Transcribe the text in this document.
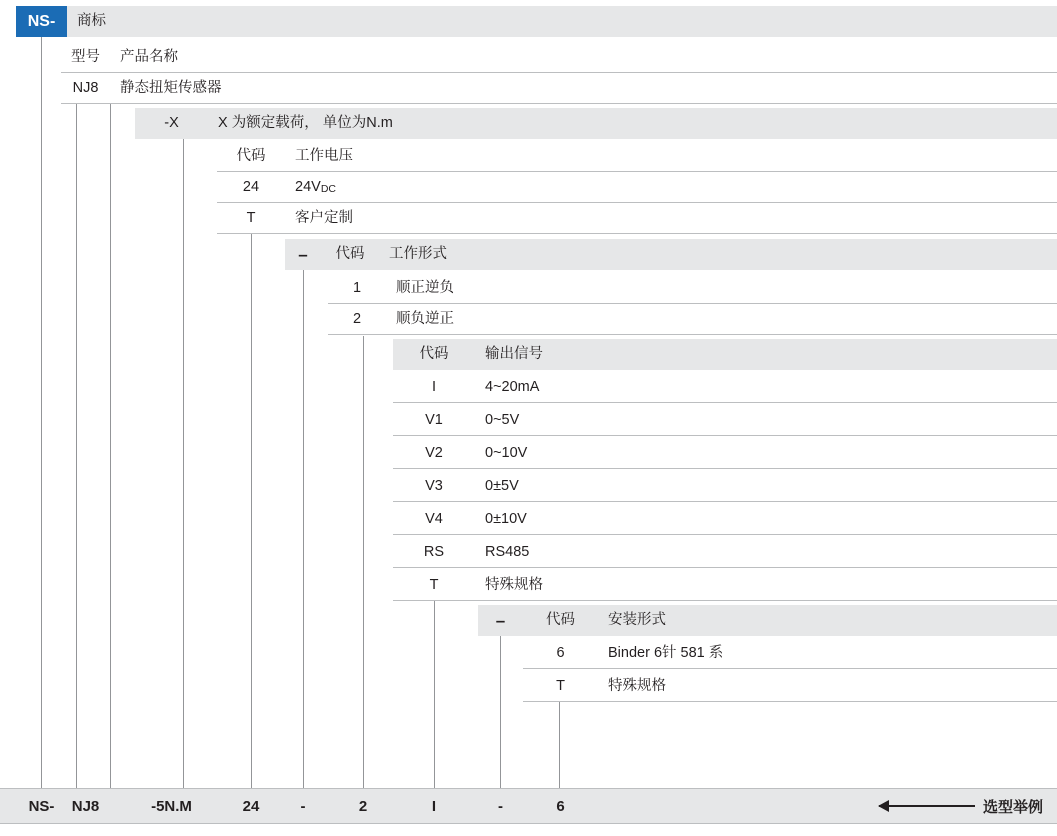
NS-	商标
型号	产品名称
NJ8	静态扭矩传感器
-X	X 为额定载荷， 单位为N.m
代码	工作电压
24	24V DC
T	客户定制
–	代码	工作形式
1	顺正逆负
2	顺负逆正
代码	输出信号
I	4~20mA
V1	0~5V
V2	0~10V
V3	0±5V
V4	0±10V
RS	RS485
T	特殊规格
–	代码	安装形式
6	Binder 6针 581 系
T	特殊规格
NS-	NJ8	-5N.M	24	-	2	I	-	6	选型举例
